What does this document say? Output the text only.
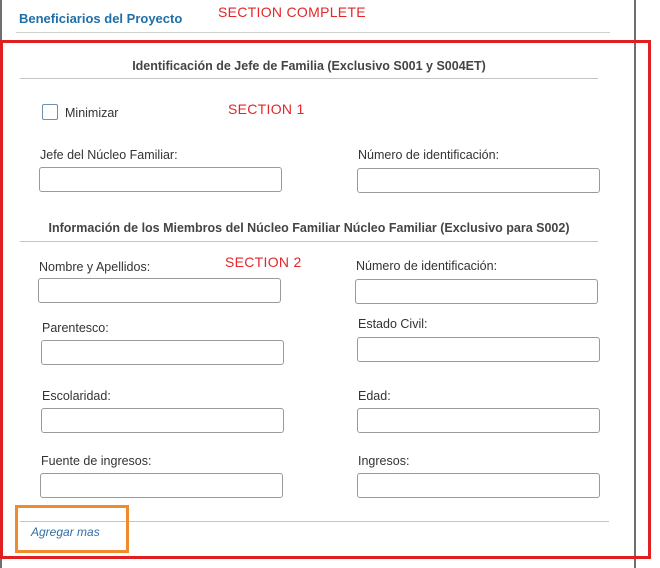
Beneficiarios del Proyecto	SECTION COMPLETE
Identificación de Jefe de Familia (Exclusivo S001 y S004ET)
Minimizar	SECTION 1
Jefe del Núcleo Familiar:	Número de identificación:
Información de los Miembros del Núcleo Familiar Núcleo Familiar (Exclusivo para S002)
SECTION 2
Nombre y Apellidos:	Número de identificación:
Parentesco:	Estado Civil:
Escolaridad:	Edad:
Fuente de ingresos:	Ingresos:
Agregar mas
